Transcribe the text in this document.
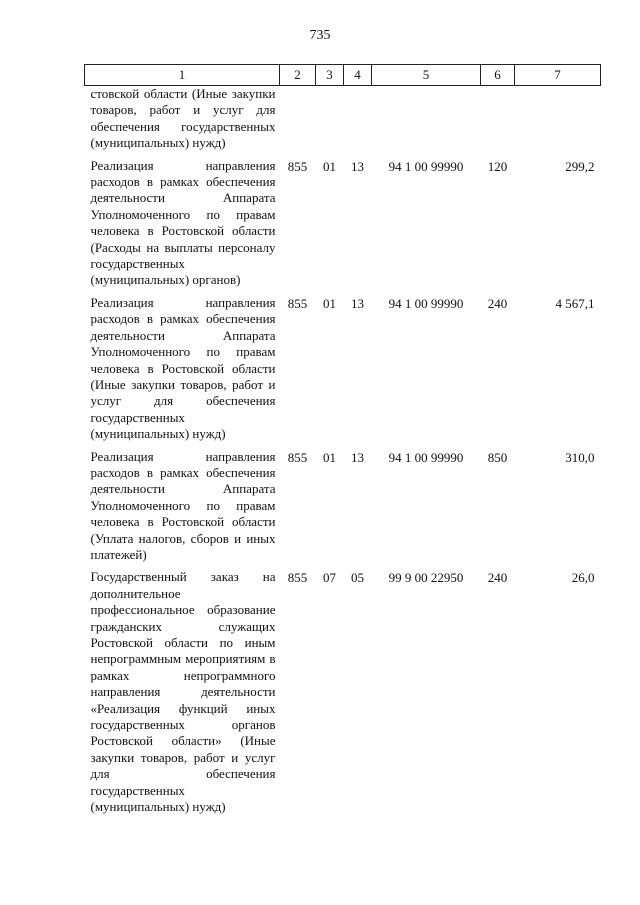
735
1	2	3	4	5	6	7
стовской области (Иные закупки товаров, работ и услуг для обеспечения государственных (муниципальных) нужд)						
Реализация направления расходов в рамках обеспечения деятельности Аппарата Уполномоченного по правам человека в Ростовской области (Расходы на выплаты персоналу государственных (муниципальных) органов)	855	01	13	94 1 00 99990	120	299,2
Реализация направления расходов в рамках обеспечения деятельности Аппарата Уполномоченного по правам человека в Ростовской области (Иные закупки товаров, работ и услуг для обеспечения государственных (муниципальных) нужд)	855	01	13	94 1 00 99990	240	4 567,1
Реализация направления расходов в рамках обеспечения деятельности Аппарата Уполномоченного по правам человека в Ростовской области (Уплата налогов, сборов и иных платежей)	855	01	13	94 1 00 99990	850	310,0
Государственный заказ на дополнительное профессиональное образование гражданских служащих Ростовской области по иным непрограммным мероприятиям в рамках непрограммного направления деятельности «Реализация функций иных государственных органов Ростовской области» (Иные закупки товаров, работ и услуг для обеспечения государственных (муниципальных) нужд)	855	07	05	99 9 00 22950	240	26,0
